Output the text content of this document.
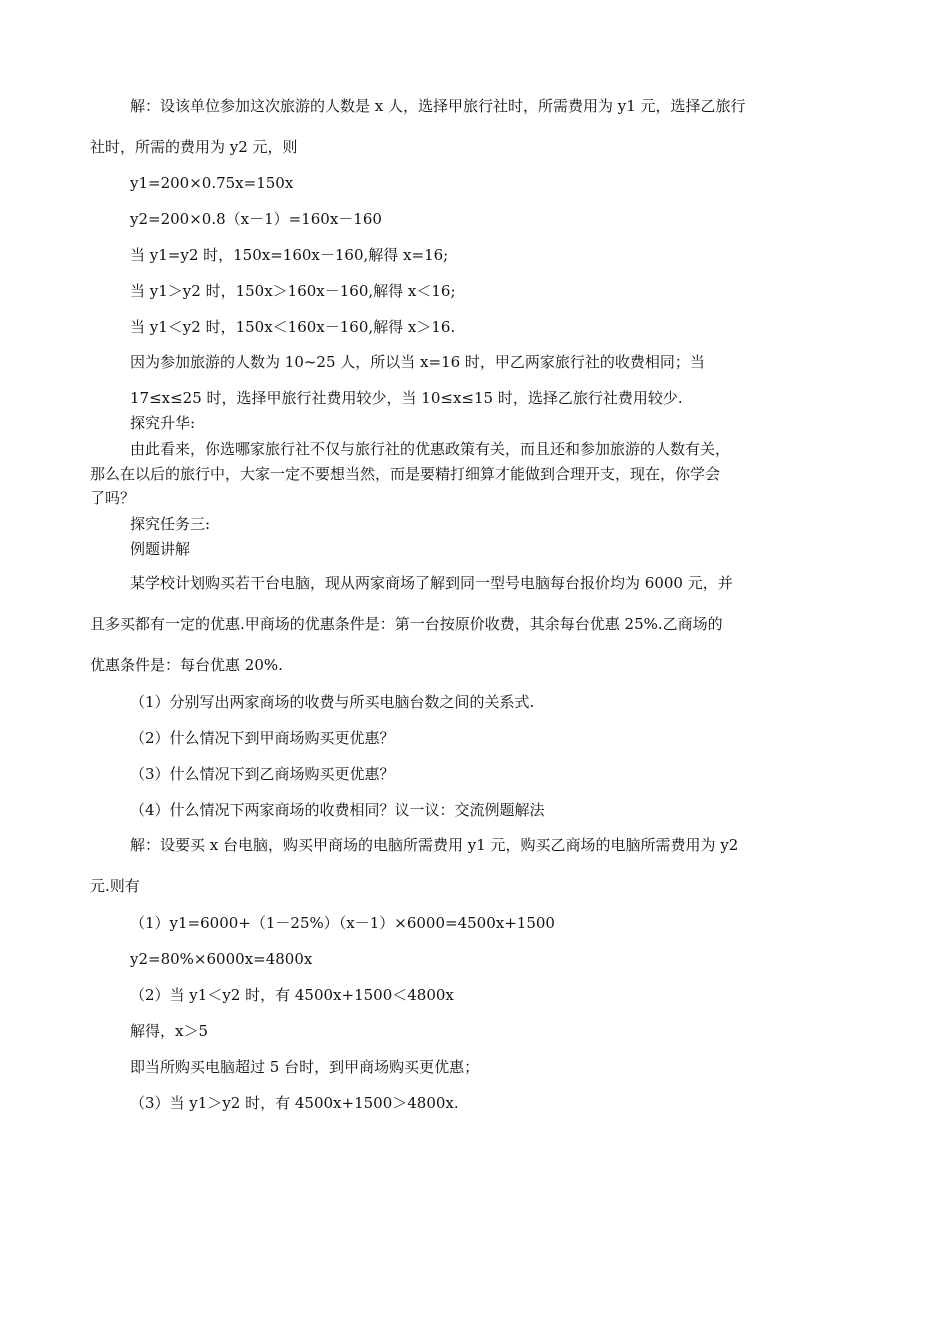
解：设该单位参加这次旅游的人数是 x 人，选择甲旅行社时，所需费用为 y1 元，选择乙旅行
社时，所需的费用为 y2 元，则
y1=200×0.75x=150x
y2=200×0.8（x－1）=160x－160
当 y1=y2 时，150x=160x－160,解得 x=16;
当 y1＞y2 时，150x＞160x－160,解得 x＜16;
当 y1＜y2 时，150x＜160x－160,解得 x＞16.
因为参加旅游的人数为 10~25 人，所以当 x=16 时，甲乙两家旅行社的收费相同；当
17≤x≤25 时，选择甲旅行社费用较少，当 10≤x≤15 时，选择乙旅行社费用较少.
探究升华:
由此看来，你选哪家旅行社不仅与旅行社的优惠政策有关，而且还和参加旅游的人数有关，
那么在以后的旅行中，大家一定不要想当然，而是要精打细算才能做到合理开支，现在，你学会
了吗？
探究任务三:
例题讲解
某学校计划购买若干台电脑，现从两家商场了解到同一型号电脑每台报价均为 6000 元，并
且多买都有一定的优惠.甲商场的优惠条件是：第一台按原价收费，其余每台优惠 25%.乙商场的
优惠条件是：每台优惠 20%.
（1）分别写出两家商场的收费与所买电脑台数之间的关系式.
（2）什么情况下到甲商场购买更优惠？
（3）什么情况下到乙商场购买更优惠？
（4）什么情况下两家商场的收费相同？议一议：交流例题解法
解：设要买 x 台电脑，购买甲商场的电脑所需费用 y1 元，购买乙商场的电脑所需费用为 y2
元.则有
（1）y1=6000+（1－25%）（x－1）×6000=4500x+1500
y2=80%×6000x=4800x
（2）当 y1＜y2 时，有 4500x+1500＜4800x
解得，x＞5
即当所购买电脑超过 5 台时，到甲商场购买更优惠；
（3）当 y1＞y2 时，有 4500x+1500＞4800x.
